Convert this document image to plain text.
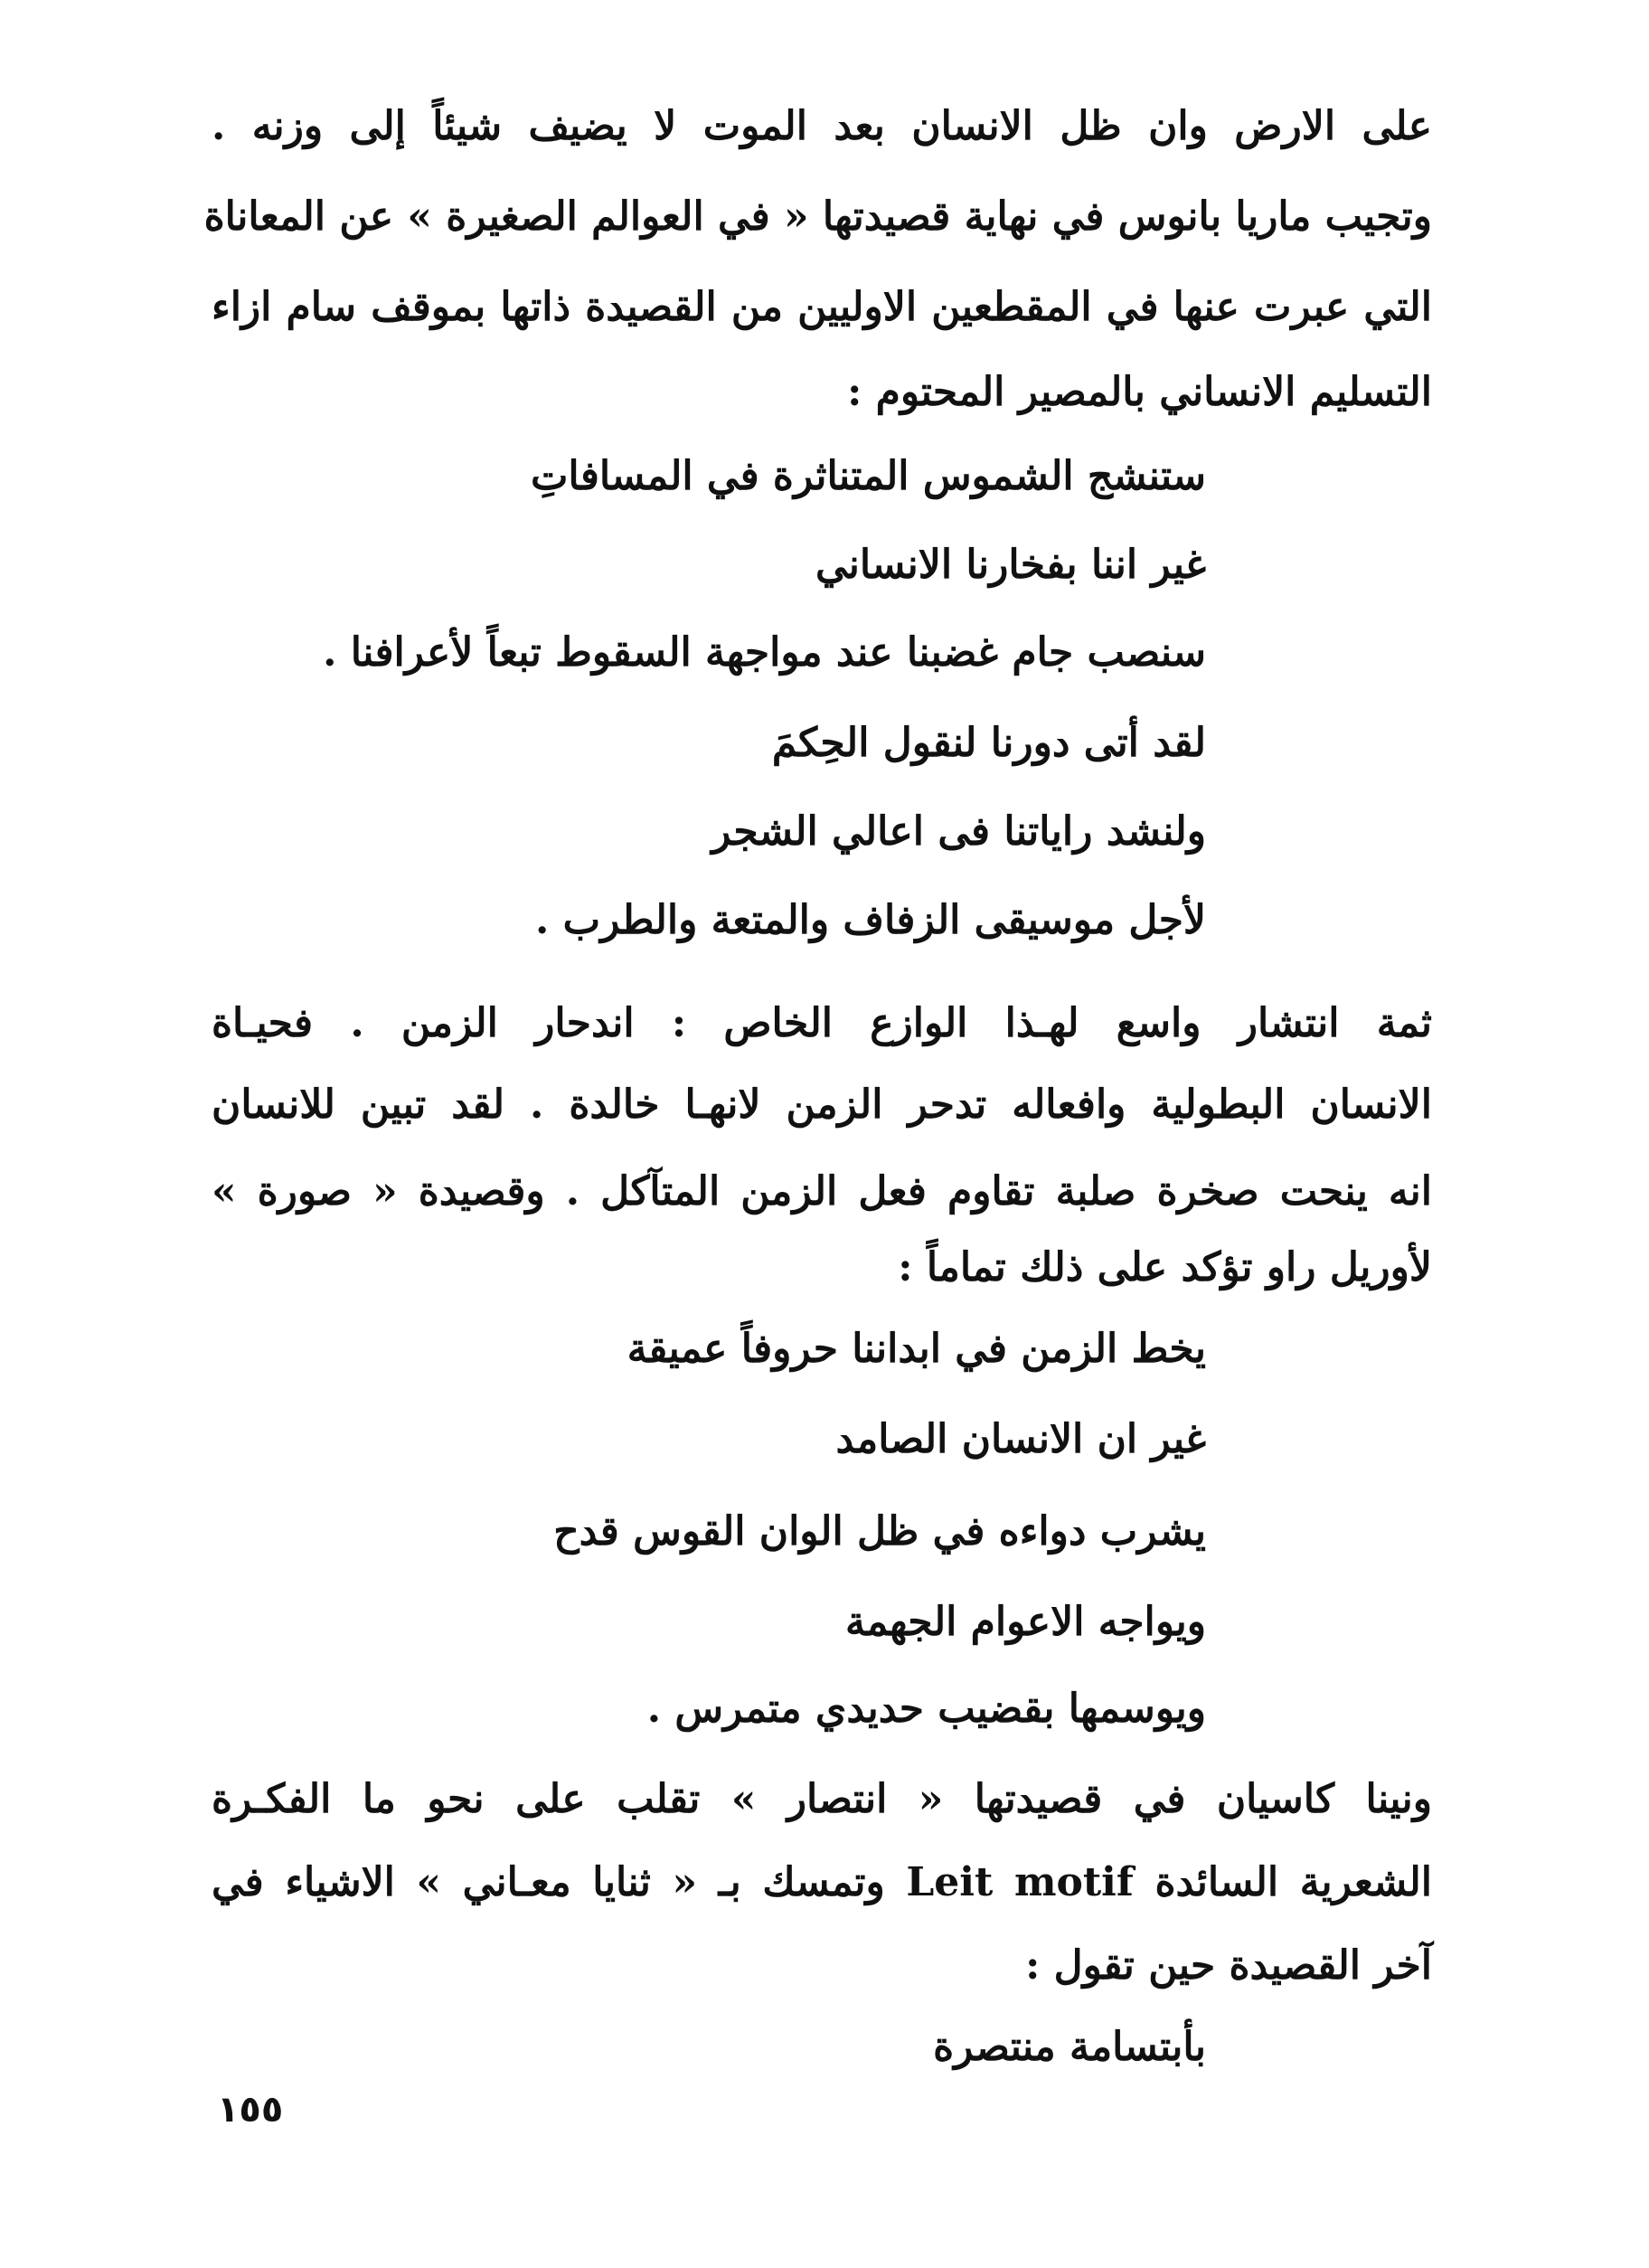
على الارض وان ظل الانسان بعد الموت لا يضيف شيئاً إلى وزنه .
وتجيب ماريا بانوس في نهاية قصيدتها « في العوالم الصغيرة » عن المعاناة
التي عبرت عنها في المقطعين الاوليين من القصيدة ذاتها بموقف سام ازاء
التسليم الانساني بالمصير المحتوم :
ستنشج الشموس المتناثرة في المسافاتِ
غير اننا بفخارنا الانساني
سنصب جام غضبنا عند مواجهة السقوط تبعاً لأعرافنا .
لقد أتى دورنا لنقول الحِكمَ
ولنشد راياتنا فى اعالي الشجر
لأجل موسيقى الزفاف والمتعة والطرب .
ثمة انتشار واسع لهـذا الوازع الخاص : اندحار الزمن . فحيـاة
الانسان البطولية وافعاله تدحر الزمن لانهـا خالدة . لقد تبين للانسان
انه ينحت صخرة صلبة تقاوم فعل الزمن المتآكل . وقصيدة « صورة »
لأوريل راو تؤكد على ذلك تماماً :
يخط الزمن في ابداننا حروفاً عميقة
غير ان الانسان الصامد
يشرب دواءه في ظل الوان القوس قدح
ويواجه الاعوام الجهمة
ويوسمها بقضيب حديدي متمرس .
ونينا كاسيان في قصيدتها « انتصار » تقلب على نحو ما الفكـرة
الشعرية السائدة Leit motif وتمسك بـ « ثنايا معـاني » الاشياء في
آخر القصيدة حين تقول :
بأبتسامة منتصرة
١٥٥
